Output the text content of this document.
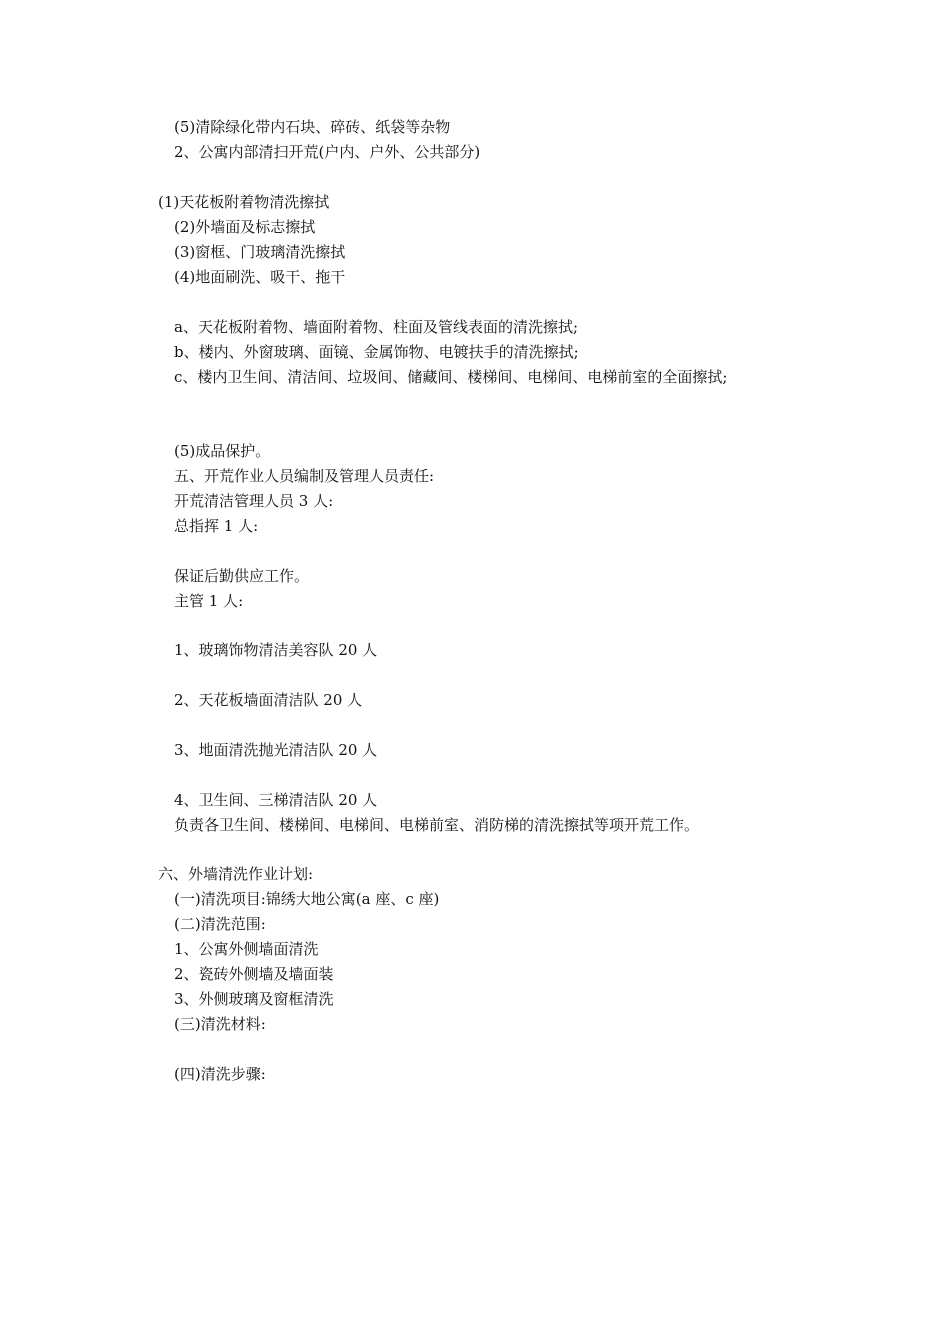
(5)清除绿化带内石块、碎砖、纸袋等杂物
2、公寓内部清扫开荒(户内、户外、公共部分)
(1)天花板附着物清洗擦拭
(2)外墙面及标志擦拭
(3)窗框、门玻璃清洗擦拭
(4)地面刷洗、吸干、拖干
a、天花板附着物、墙面附着物、柱面及管线表面的清洗擦拭;
b、楼内、外窗玻璃、面镜、金属饰物、电镀扶手的清洗擦拭;
c、楼内卫生间、清洁间、垃圾间、储藏间、楼梯间、电梯间、电梯前室的全面擦拭;
(5)成品保护。
五、开荒作业人员编制及管理人员责任:
开荒清洁管理人员 3 人:
总指挥 1 人:
保证后勤供应工作。
主管 1 人:
1、玻璃饰物清洁美容队 20 人
2、天花板墙面清洁队 20 人
3、地面清洗抛光清洁队 20 人
4、卫生间、三梯清洁队 20 人
负责各卫生间、楼梯间、电梯间、电梯前室、消防梯的清洗擦拭等项开荒工作。
六、外墙清洗作业计划:
(一)清洗项目:锦绣大地公寓(a 座、c 座)
(二)清洗范围:
1、公寓外侧墙面清洗
2、瓷砖外侧墙及墙面装
3、外侧玻璃及窗框清洗
(三)清洗材料:
(四)清洗步骤:
